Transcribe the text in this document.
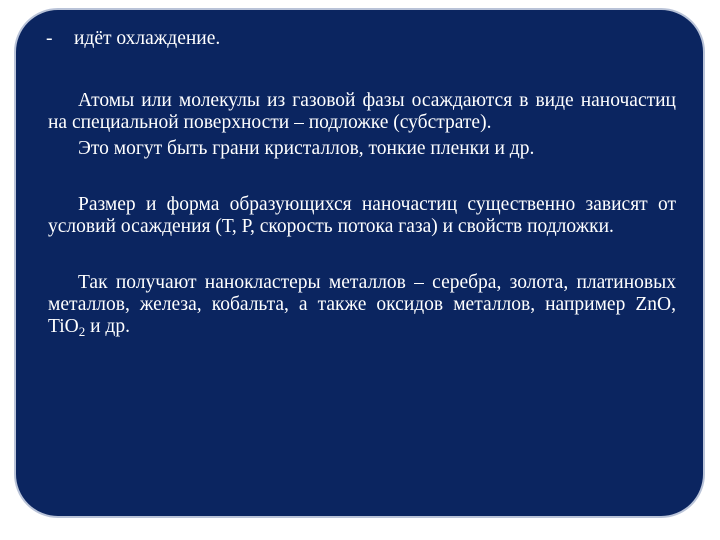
- идёт охлаждение.

Атомы или молекулы из газовой фазы осаждаются в виде наночастиц на специальной поверхности – подложке (субстрате).

Это могут быть грани кристаллов, тонкие пленки и др.

Размер и форма образующихся наночастиц существенно зависят от условий осаждения (Т, Р, скорость потока газа) и свойств подложки.

Так получают нанокластеры металлов – серебра, золота, платиновых металлов, железа, кобальта, а также оксидов металлов, например ZnO, TiO$_2$ и др.
